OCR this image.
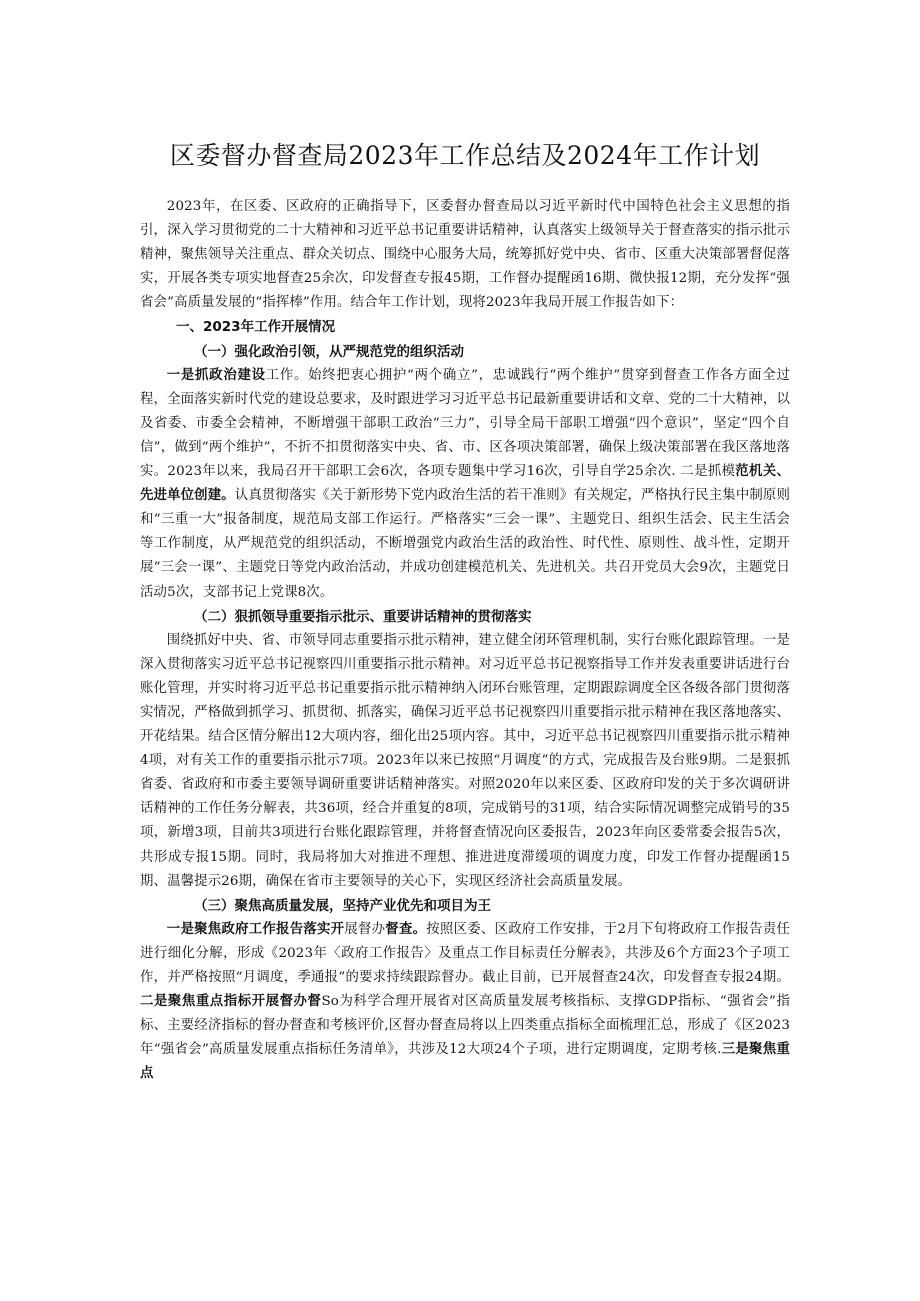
区委督办督查局2023年工作总结及2024年工作计划

2023年，在区委、区政府的正确指导下，区委督办督查局以习近平新时代中国特色社会主义思想的指引，深入学习贯彻党的二十大精神和习近平总书记重要讲话精神，认真落实上级领导关于督查落实的指示批示精神，聚焦领导关注重点、群众关切点、围绕中心服务大局，统筹抓好党中央、省市、区重大决策部署督促落实，开展各类专项实地督查25余次，印发督查专报45期，工作督办提醒函16期、微快报12期，充分发挥“强省会”高质量发展的“指挥棒”作用。结合年工作计划，现将2023年我局开展工作报告如下：

一、2023年工作开展情况

（一）强化政治引领，从严规范党的组织活动

一是抓政治建设工作。始终把衷心拥护“两个确立”，忠诚践行“两个维护”贯穿到督查工作各方面全过程，全面落实新时代党的建设总要求，及时跟进学习习近平总书记最新重要讲话和文章、党的二十大精神，以及省委、市委全会精神，不断增强干部职工政治“三力”，引导全局干部职工增强“四个意识”，坚定“四个自信”，做到“两个维护”，不折不扣贯彻落实中央、省、市、区各项决策部署，确保上级决策部署在我区落地落实。2023年以来，我局召开干部职工会6次，各项专题集中学习16次，引导自学25余次. 二是抓模范机关、先进单位创建。认真贯彻落实《关于新形势下党内政治生活的若干准则》有关规定，严格执行民主集中制原则和“三重一大”报备制度，规范局支部工作运行。严格落实“三会一课”、主题党日、组织生活会、民主生活会等工作制度，从严规范党的组织活动，不断增强党内政治生活的政治性、时代性、原则性、战斗性，定期开展“三会一课”、主题党日等党内政治活动，并成功创建模范机关、先进机关。共召开党员大会9次，主题党日活动5次，支部书记上党课8次。

（二）狠抓领导重要指示批示、重要讲话精神的贯彻落实

围绕抓好中央、省、市领导同志重要指示批示精神，建立健全闭环管理机制，实行台账化跟踪管理。一是深入贯彻落实习近平总书记视察四川重要指示批示精神。对习近平总书记视察指导工作并发表重要讲话进行台账化管理，并实时将习近平总书记重要指示批示精神纳入闭环台账管理，定期跟踪调度全区各级各部门贯彻落实情况，严格做到抓学习、抓贯彻、抓落实，确保习近平总书记视察四川重要指示批示精神在我区落地落实、开花结果。结合区情分解出12大项内容，细化出25项内容。其中，习近平总书记视察四川重要指示批示精神4项，对有关工作的重要指示批示7项。2023年以来已按照“月调度”的方式，完成报告及台账9期。二是狠抓省委、省政府和市委主要领导调研重要讲话精神落实。对照2020年以来区委、区政府印发的关于多次调研讲话精神的工作任务分解表，共36项，经合并重复的8项，完成销号的31项，结合实际情况调整完成销号的35项，新增3项，目前共3项进行台账化跟踪管理，并将督查情况向区委报告，2023年向区委常委会报告5次，共形成专报15期。同时，我局将加大对推进不理想、推进进度滞缓项的调度力度，印发工作督办提醒函15期、温馨提示26期，确保在省市主要领导的关心下，实现区经济社会高质量发展。

（三）聚焦高质量发展，坚持产业优先和项目为王

一是聚焦政府工作报告落实开展督办督查。按照区委、区政府工作安排，于2月下旬将政府工作报告责任进行细化分解，形成《2023年〈政府工作报告〉及重点工作目标责任分解表》，共涉及6个方面23个子项工作，并严格按照“月调度，季通报”的要求持续跟踪督办。截止目前，已开展督查24次，印发督查专报24期。二是聚焦重点指标开展督办督So为科学合理开展省对区高质量发展考核指标、支撑GDP指标、“强省会”指标、主要经济指标的督办督查和考核评价,区督办督查局将以上四类重点指标全面梳理汇总，形成了《区2023年“强省会”高质量发展重点指标任务清单》，共涉及12大项24个子项，进行定期调度，定期考核.三是聚焦重点
